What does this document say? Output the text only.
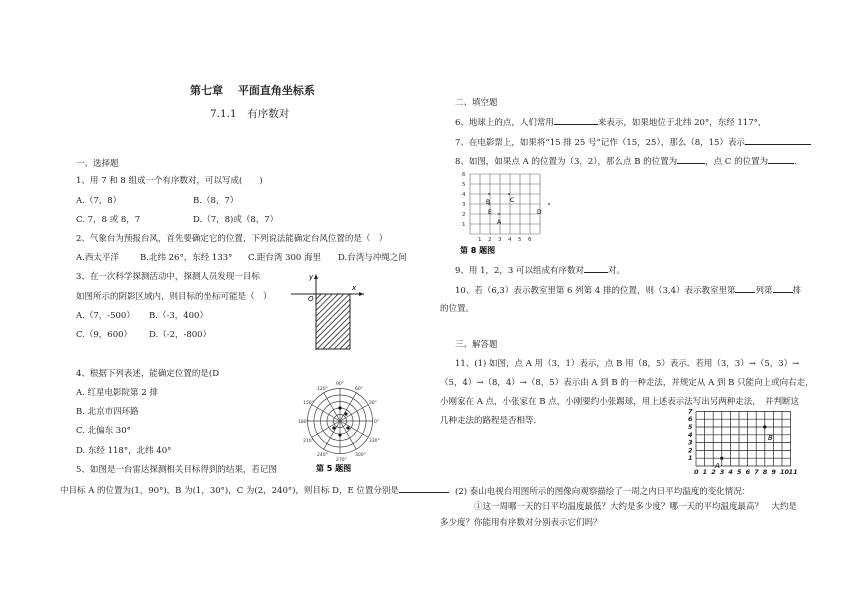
第七章　 平面直角坐标系
7.1.1　有序数对
一、选择题
1、用 7 和 8 组成一个有序数对，可以写成(　　)
A.（7，8）	B.（8，7）
C. 7，8 或 8，7	D.（7，8)或（8，7）
2、气象台为预报台风，首先要确定它的位置，下列说法能确定台风位置的是（　）
A.西太平洋 B.北纬 26°，东经 133° C.距台湾 300 海里 D.台湾与冲绳之间
3、在一次科学探测活动中，探测人员发现一目标
如图所示的阴影区域内，则目标的坐标可能是（　）
A.（7，-500） B.（-3，400）
C.（9，600） D.（-2，-800）
y
x
O
4、根据下列表述，能确定位置的是(D
A. 红星电影院第 2 排
B. 北京市四环路
C. 北偏东 30°
D. 东经 118°，北纬 40°
90°
60°
120°
150°
180°	0°
210°
240°
270°
300°
330°
30°
第 5 题图
5、如图是一台雷达探测相关目标得到的结果，若记图
中目标 A 的位置为(1，90°)，B 为(1，30°)，C 为(2，240°)，则目标 D，E 位置分别是
二、填空题
6、地球上的点，人们常用	来表示，如果地位于北纬 20°，东经 117°，
7、在电影票上，如果将“15 排 25 号”记作（15，25），那么（8，15）表示
8、如图，如果点 A 的位置为（3，2），那么点 B 的位置为	，点 C 的位置为	．
1 2 3 4 5 6
1
2
3
4
5
6
B	C
E	D
A
第 8 题图
9、用 1，2，3 可以组成有序数对	对。
10、若（6,3）表示教室里第 6 列第 4 排的位置，则（3,4）表示教室里第 列第 排
的位置。
三、解答题
11、(1) 如图，点 A 用（3，1）表示，点 B 用（8，5）表示．若用（3，3）→（5，3）→
（5，4）→（8，4）→（8，5）表示由 A 到 B 的一种走法，并规定从 A 到 B 只能向上或向右走，
小刚家在 A 点，小张家在 B 点，小刚要约小张踢球，用上述表示法写出另两种走法，　并判断这
几种走法的路程是否相等．
0 1 2 3 4 5 6 7 8 9 10 11
1
2
3
4
5
6
7
A
B
(2) 泰山电视台用图所示的图像向观察描绘了一周之内日平均温度的变化情况：
①这一周哪一天的日平均温度最低？大约是多少度？哪一天的平均温度最高？　大约是
多少度？你能用有序数对分别表示它们吗？
